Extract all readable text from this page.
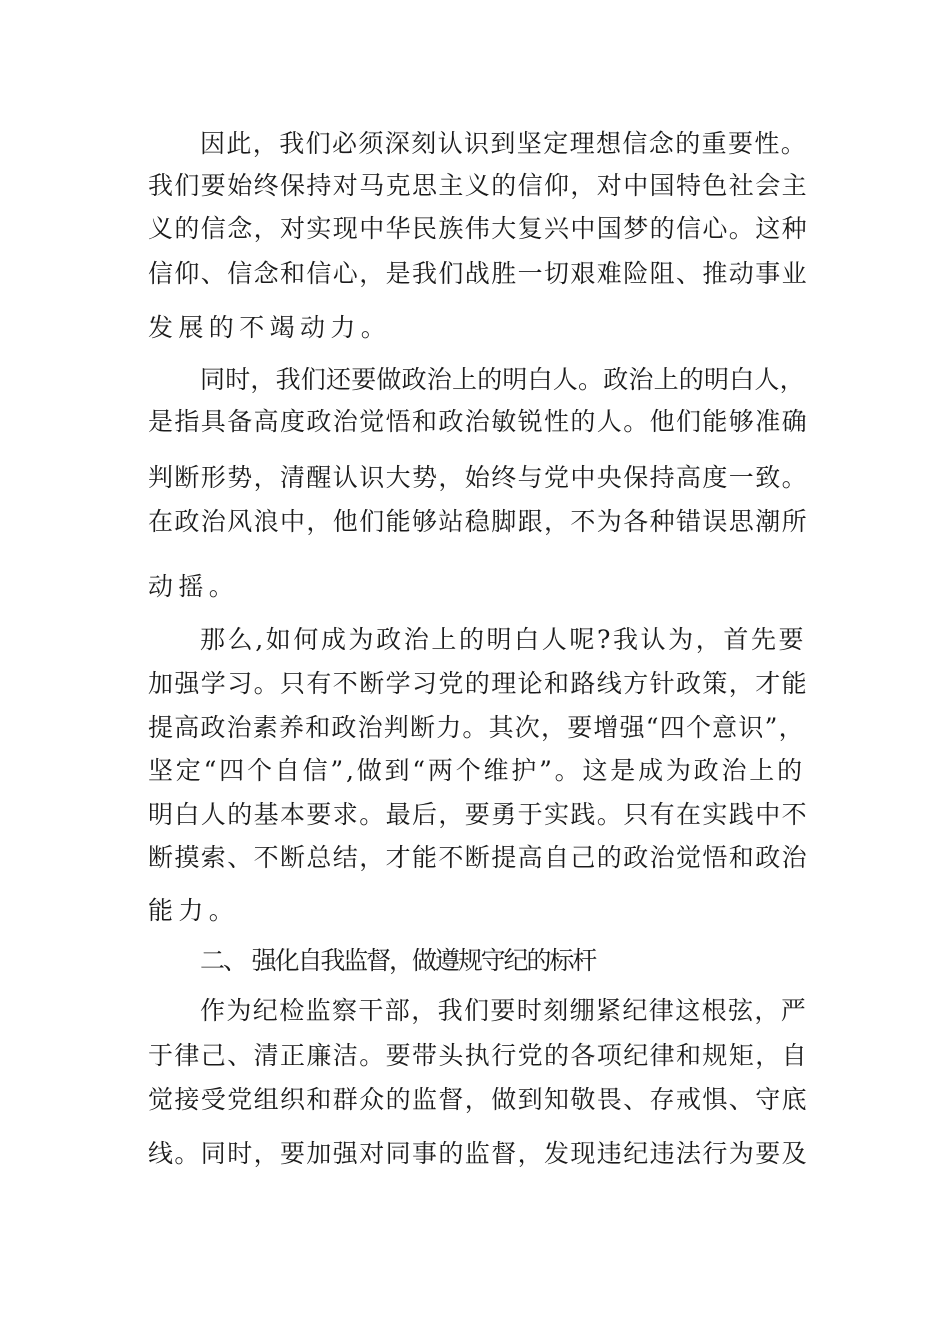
因此，我们必须深刻认识到坚定理想信念的重要性。

我们要始终保持对马克思主义的信仰，对中国特色社会主

义的信念，对实现中华民族伟大复兴中国梦的信心。这种

信仰、信念和信心，是我们战胜一切艰难险阻、推动事业

发展的不竭动力。

同时，我们还要做政治上的明白人。政治上的明白人，

是指具备高度政治觉悟和政治敏锐性的人。他们能够准确

判断形势，清醒认识大势，始终与党中央保持高度一致。

在政治风浪中，他们能够站稳脚跟，不为各种错误思潮所

动摇。

那么,如何成为政治上的明白人呢?我认为，首先要

加强学习。只有不断学习党的理论和路线方针政策，才能

提高政治素养和政治判断力。其次，要增强“四个意识”，

坚定“四个自信”,做到“两个维护”。这是成为政治上的

明白人的基本要求。最后，要勇于实践。只有在实践中不

断摸索、不断总结，才能不断提高自己的政治觉悟和政治

能力。

二、 强化自我监督，做遵规守纪的标杆

作为纪检监察干部，我们要时刻绷紧纪律这根弦，严

于律己、清正廉洁。要带头执行党的各项纪律和规矩，自

觉接受党组织和群众的监督，做到知敬畏、存戒惧、守底

线。同时，要加强对同事的监督，发现违纪违法行为要及
